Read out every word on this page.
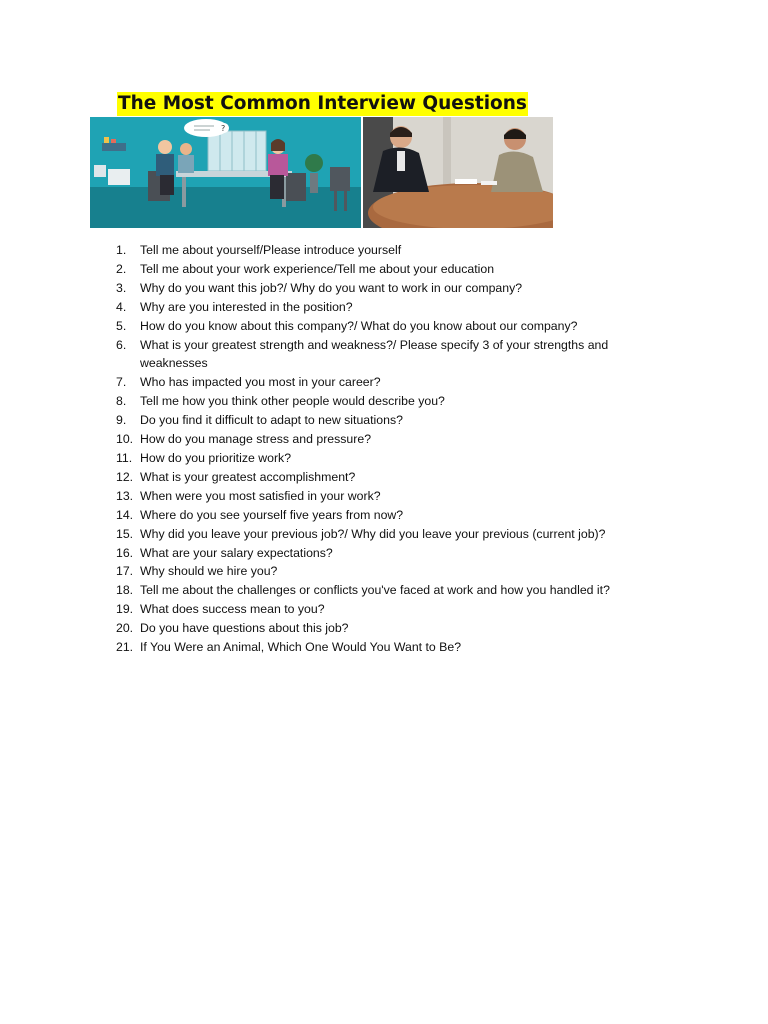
The Most Common Interview Questions
?
1. Tell me about yourself/Please introduce yourself
2. Tell me about your work experience/Tell me about your education
3. Why do you want this job?/ Why do you want to work in our company?
4. Why are you interested in the position?
5. How do you know about this company?/ What do you know about our company?
6. What is your greatest strength and weakness?/ Please specify 3 of your strengths and weaknesses
7. Who has impacted you most in your career?
8. Tell me how you think other people would describe you?
9. Do you find it difficult to adapt to new situations?
10. How do you manage stress and pressure?
11. How do you prioritize work?
12. What is your greatest accomplishment?
13. When were you most satisfied in your work?
14. Where do you see yourself five years from now?
15. Why did you leave your previous job?/ Why did you leave your previous (current job)?
16. What are your salary expectations?
17. Why should we hire you?
18. Tell me about the challenges or conflicts you've faced at work and how you handled it?
19. What does success mean to you?
20. Do you have questions about this job?
21. If You Were an Animal, Which One Would You Want to Be?
